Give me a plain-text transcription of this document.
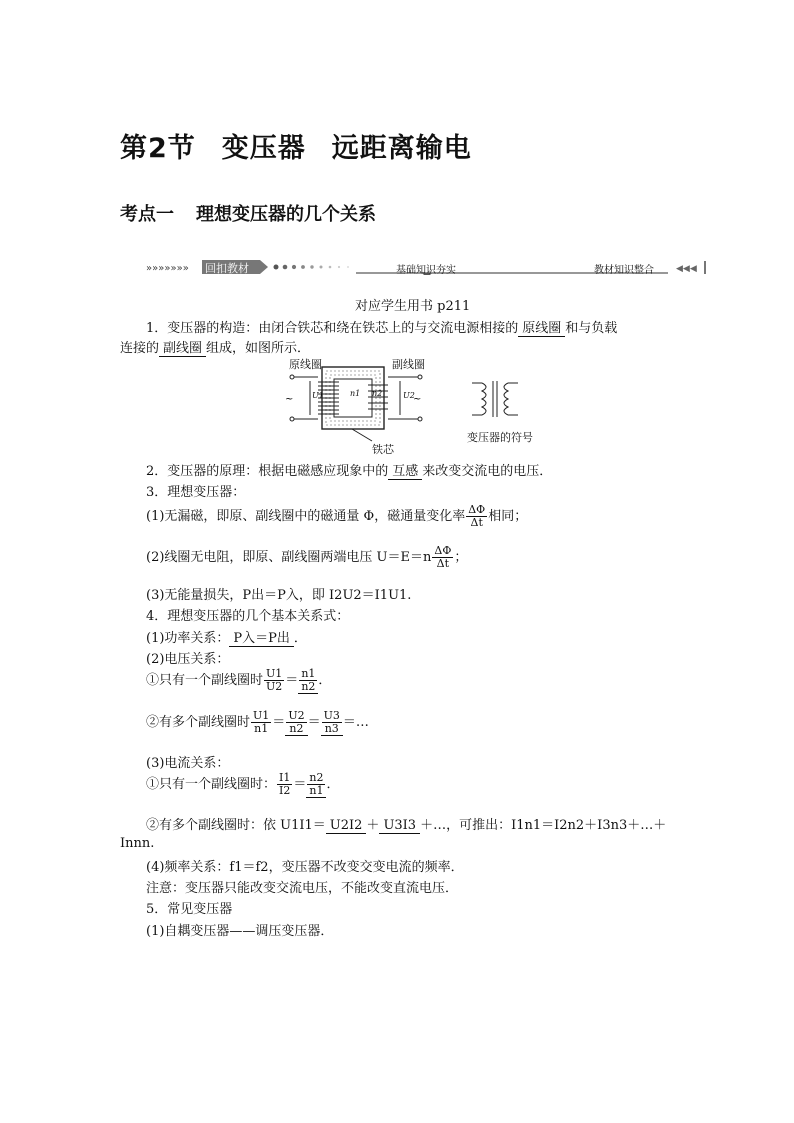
第2节 变压器 远距离输电
考点一 理想变压器的几个关系
»»»»»»»	◀◀◀
回扣教材	基础知识夯实	教材知识整合
对应学生用书 p211
1．变压器的构造：由闭合铁芯和绕在铁芯上的与交流电源相接的 原线圈 和与负载
连接的 副线圈 组成，如图所示．
~	~
原线圈	副线圈
铁芯
变压器的符号
n1 n2
U1	U2
2．变压器的原理：根据电磁感应现象中的 互感 来改变交流电的电压．
3．理想变压器：
(1)无漏磁，即原、副线圈中的磁通量 Φ，磁通量变化率 $\frac{\Delta\Phi}{\Delta t}$ 相同；
(2)线圈无电阻，即原、副线圈两端电压 $U=E=n \frac{\Delta\Phi}{\Delta t}$ ；
(3)无能量损失，P出＝P入，即 I2U2＝I1U1.
4．理想变压器的几个基本关系式：
(1)功率关系： P入＝P出 ．
(2)电压关系：
①只有一个副线圈时 $\frac{U1}{U2} = \frac{n1}{n2}$ ．
②有多个副线圈时 $\frac{U1}{n1} = \frac{U2}{n2} = \frac{U3}{n3}$ ＝…
(3)电流关系：
①只有一个副线圈时： $\frac{I1}{I2} = \frac{n2}{n1}$ ．
②有多个副线圈时：依 U1I1＝ U2I2 ＋ U3I3 ＋…，可推出：I1n1＝I2n2＋I3n3＋…＋
Innn.
(4)频率关系：f1＝f2，变压器不改变交变电流的频率．
注意：变压器只能改变交流电压，不能改变直流电压．
5．常见变压器
(1)自耦变压器——调压变压器．
